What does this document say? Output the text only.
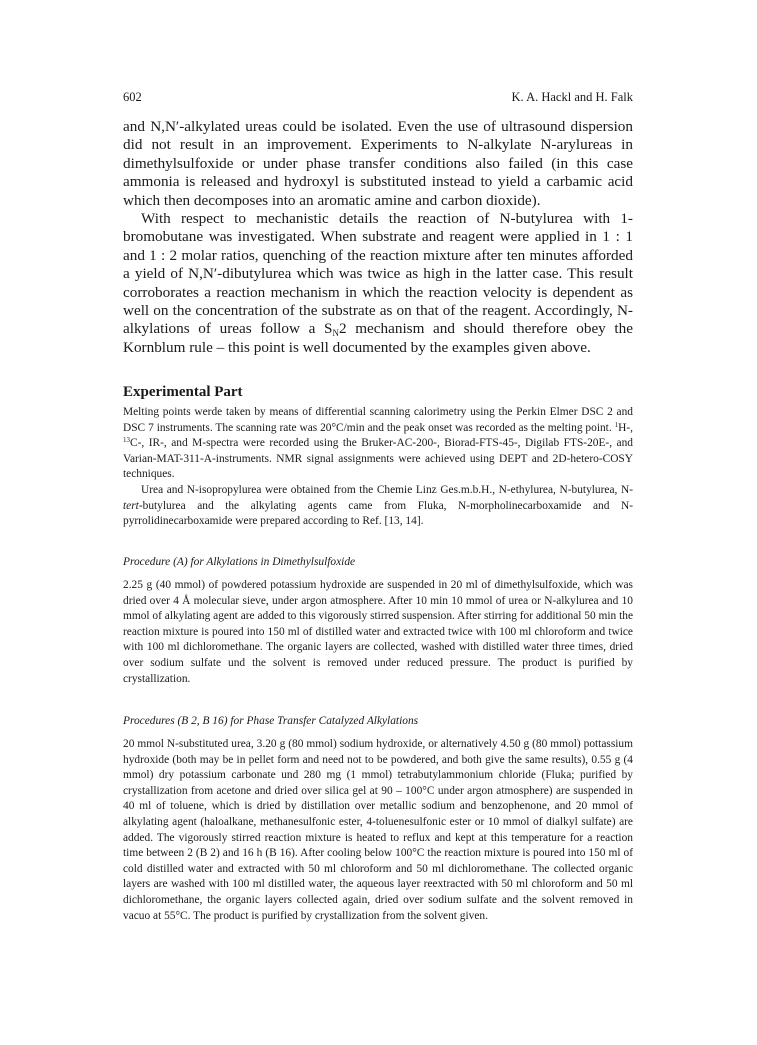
602	K. A. Hackl and H. Falk

and N,N′-alkylated ureas could be isolated. Even the use of ultrasound dispersion did not result in an improvement. Experiments to N-alkylate N-arylureas in dimethylsulfoxide or under phase transfer conditions also failed (in this case ammonia is released and hydroxyl is substituted instead to yield a carbamic acid which then decomposes into an aromatic amine and carbon dioxide).

With respect to mechanistic details the reaction of N-butylurea with 1-bromobutane was investigated. When substrate and reagent were applied in 1 : 1 and 1 : 2 molar ratios, quenching of the reaction mixture after ten minutes afforded a yield of N,N′-dibutylurea which was twice as high in the latter case. This result corroborates a reaction mechanism in which the reaction velocity is dependent as well on the concentration of the substrate as on that of the reagent. Accordingly, N-alkylations of ureas follow a $S_N2$ mechanism and should therefore obey the Kornblum rule – this point is well documented by the examples given above.

Experimental Part

Melting points werde taken by means of differential scanning calorimetry using the Perkin Elmer DSC 2 and DSC 7 instruments. The scanning rate was 20°C/min and the peak onset was recorded as the melting point. $^1$H-, $^{13}$C-, IR-, and M-spectra were recorded using the Bruker-AC-200-, Biorad-FTS-45-, Digilab FTS-20E-, and Varian-MAT-311-A-instruments. NMR signal assignments were achieved using DEPT and 2D-hetero-COSY techniques.

Urea and N-isopropylurea were obtained from the Chemie Linz Ges.m.b.H., N-ethylurea, N-butylurea, N-tert-butylurea and the alkylating agents came from Fluka, N-morpholinecarboxamide and N-pyrrolidinecarboxamide were prepared according to Ref. [13, 14].

Procedure (A) for Alkylations in Dimethylsulfoxide
2.25 g (40 mmol) of powdered potassium hydroxide are suspended in 20 ml of dimethylsulfoxide, which was dried over 4 Å molecular sieve, under argon atmosphere. After 10 min 10 mmol of urea or N-alkylurea and 10 mmol of alkylating agent are added to this vigorously stirred suspension. After stirring for additional 50 min the reaction mixture is poured into 150 ml of distilled water and extracted twice with 100 ml chloroform and twice with 100 ml dichloromethane. The organic layers are collected, washed with distilled water three times, dried over sodium sulfate und the solvent is removed under reduced pressure. The product is purified by crystallization.
Procedures (B 2, B 16) for Phase Transfer Catalyzed Alkylations
20 mmol N-substituted urea, 3.20 g (80 mmol) sodium hydroxide, or alternatively 4.50 g (80 mmol) pottassium hydroxide (both may be in pellet form and need not to be powdered, and both give the same results), 0.55 g (4 mmol) dry potassium carbonate und 280 mg (1 mmol) tetrabutylammonium chloride (Fluka; purified by crystallization from acetone and dried over silica gel at 90 – 100°C under argon atmosphere) are suspended in 40 ml of toluene, which is dried by distillation over metallic sodium and benzophenone, and 20 mmol of alkylating agent (haloalkane, methanesulfonic ester, 4-toluenesulfonic ester or 10 mmol of dialkyl sulfate) are added. The vigorously stirred reaction mixture is heated to reflux and kept at this temperature for a reaction time between 2 (B 2) and 16 h (B 16). After cooling below 100°C the reaction mixture is poured into 150 ml of cold distilled water and extracted with 50 ml chloroform and 50 ml dichloromethane. The collected organic layers are washed with 100 ml distilled water, the aqueous layer reextracted with 50 ml chloroform and 50 ml dichloromethane, the organic layers collected again, dried over sodium sulfate and the solvent removed in vacuo at 55°C. The product is purified by crystallization from the solvent given.
